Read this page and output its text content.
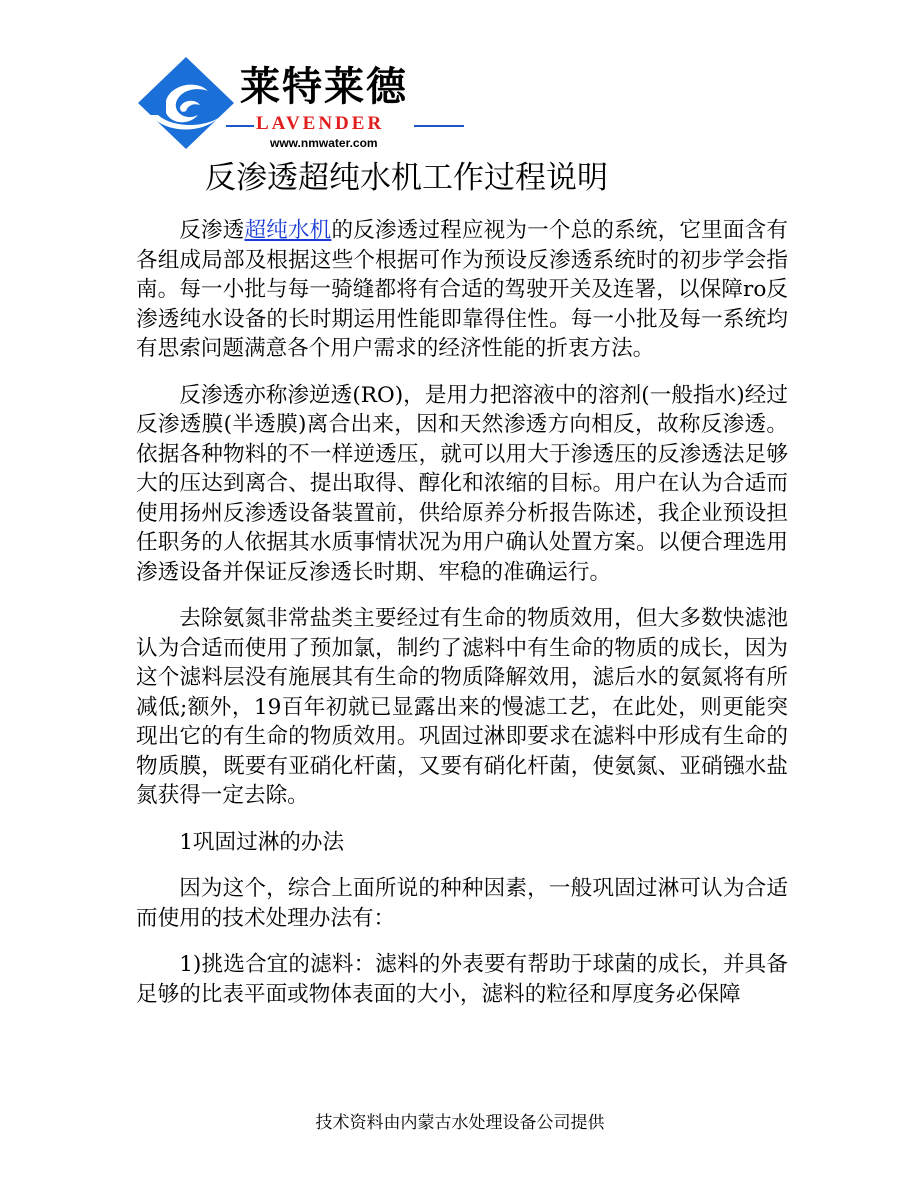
莱特莱德
LAVENDER
www.nmwater.com
反渗透超纯水机工作过程说明

反渗透超纯水机的反渗透过程应视为一个总的系统，它里面含有各组成局部及根据这些个根据可作为预设反渗透系统时的初步学会指南。每一小批与每一骑缝都将有合适的驾驶开关及连署，以保障ro反渗透纯水设备的长时期运用性能即靠得住性。每一小批及每一系统均有思索问题满意各个用户需求的经济性能的折衷方法。

反渗透亦称渗逆透(RO)，是用力把溶液中的溶剂(一般指水)经过反渗透膜(半透膜)离合出来，因和天然渗透方向相反，故称反渗透。依据各种物料的不一样逆透压，就可以用大于渗透压的反渗透法足够大的压达到离合、提出取得、醇化和浓缩的目标。用户在认为合适而使用扬州反渗透设备装置前，供给原养分析报告陈述，我企业预设担任职务的人依据其水质事情状况为用户确认处置方案。以便合理选用渗透设备并保证反渗透长时期、牢稳的准确运行。

去除氨氮非常盐类主要经过有生命的物质效用，但大多数快滤池认为合适而使用了预加氯，制约了滤料中有生命的物质的成长，因为这个滤料层没有施展其有生命的物质降解效用，滤后水的氨氮将有所减低;额外，19百年初就已显露出来的慢滤工艺，在此处，则更能突现出它的有生命的物质效用。巩固过淋即要求在滤料中形成有生命的物质膜，既要有亚硝化杆菌，又要有硝化杆菌，使氨氮、亚硝镪水盐氮获得一定去除。

1巩固过淋的办法

因为这个，综合上面所说的种种因素，一般巩固过淋可认为合适而使用的技术处理办法有：

1)挑选合宜的滤料：滤料的外表要有帮助于球菌的成长，并具备足够的比表平面或物体表面的大小，滤料的粒径和厚度务必保障

技术资料由内蒙古水处理设备公司提供
